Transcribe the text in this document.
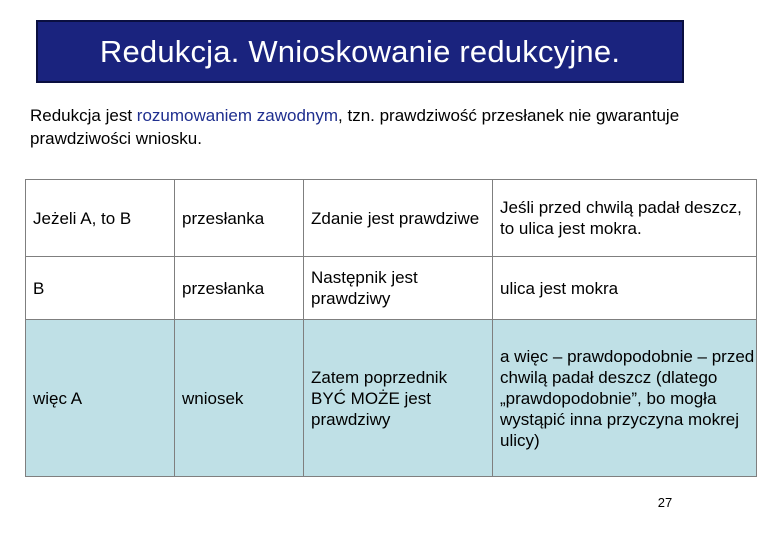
Redukcja. Wnioskowanie redukcyjne.
Redukcja jest rozumowaniem zawodnym, tzn. prawdziwość przesłanek nie gwarantuje prawdziwości wniosku.
Jeżeli A, to B	przesłanka	Zdanie jest prawdziwe	Jeśli przed chwilą padał deszcz, to ulica jest mokra.
B	przesłanka	Następnik jest prawdziwy	ulica jest mokra
więc A	wniosek	Zatem poprzednik BYĆ MOŻE jest prawdziwy	a więc – prawdopodobnie – przed chwilą padał deszcz (dlatego „prawdopodobnie”, bo mogła wystąpić inna przyczyna mokrej ulicy)
27
